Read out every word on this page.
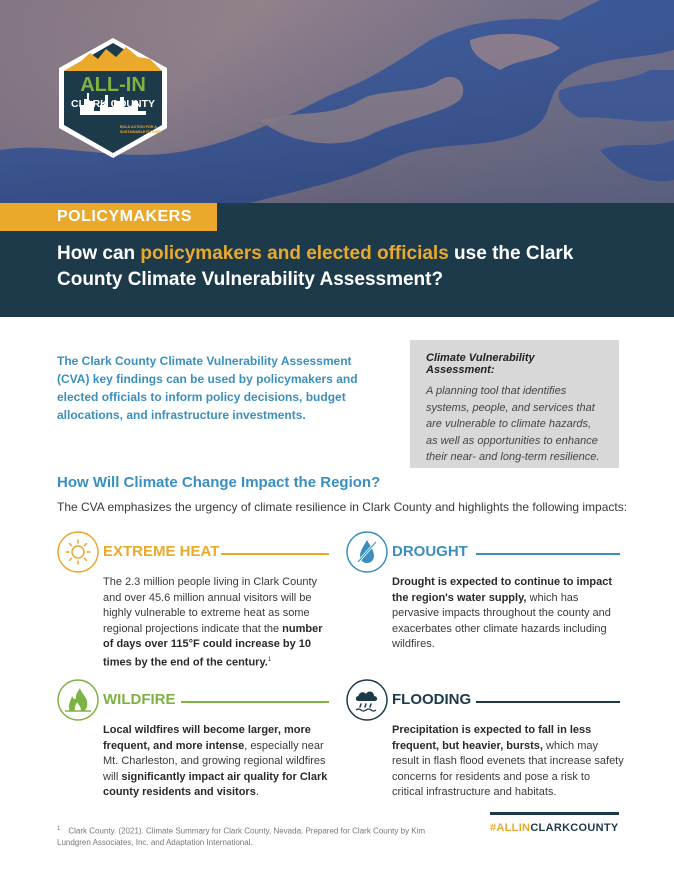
ALL-IN
CLARK COUNTY
BOLD ACTION FOR A
SUSTAINABLE FUTURE
POLICYMAKERS
How can policymakers and elected officials use the Clark County Climate Vulnerability Assessment?

The Clark County Climate Vulnerability Assessment (CVA) key findings can be used by policymakers and elected officials to inform policy decisions, budget allocations, and infrastructure investments.

Climate Vulnerability Assessment:
A planning tool that identifies systems, people, and services that are vulnerable to climate hazards, as well as opportunities to enhance their near- and long-term resilience.
How Will Climate Change Impact the Region?

The CVA emphasizes the urgency of climate resilience in Clark County and highlights the following impacts:

EXTREME HEAT

The 2.3 million people living in Clark County and over 45.6 million annual visitors will be highly vulnerable to extreme heat as some regional projections indicate that the number of days over 115°F could increase by 10 times by the end of the century.$^1$

DROUGHT

Drought is expected to continue to impact the region's water supply, which has pervasive impacts throughout the county and exacerbates other climate hazards including wildfires.

WILDFIRE

Local wildfires will become larger, more frequent, and more intense, especially near Mt. Charleston, and growing regional wildfires will significantly impact air quality for Clark county residents and visitors.

FLOODING

Precipitation is expected to fall in less frequent, but heavier, bursts, which may result in flash flood evenets that increase safety concerns for residents and pose a risk to critical infrastructure and habitats.

$^1$ Clark County. (2021). Climate Summary for Clark County, Nevada. Prepared for Clark County by Kim Lundgren Associates, Inc. and Adaptation International.
#ALLINCLARKCOUNTY
